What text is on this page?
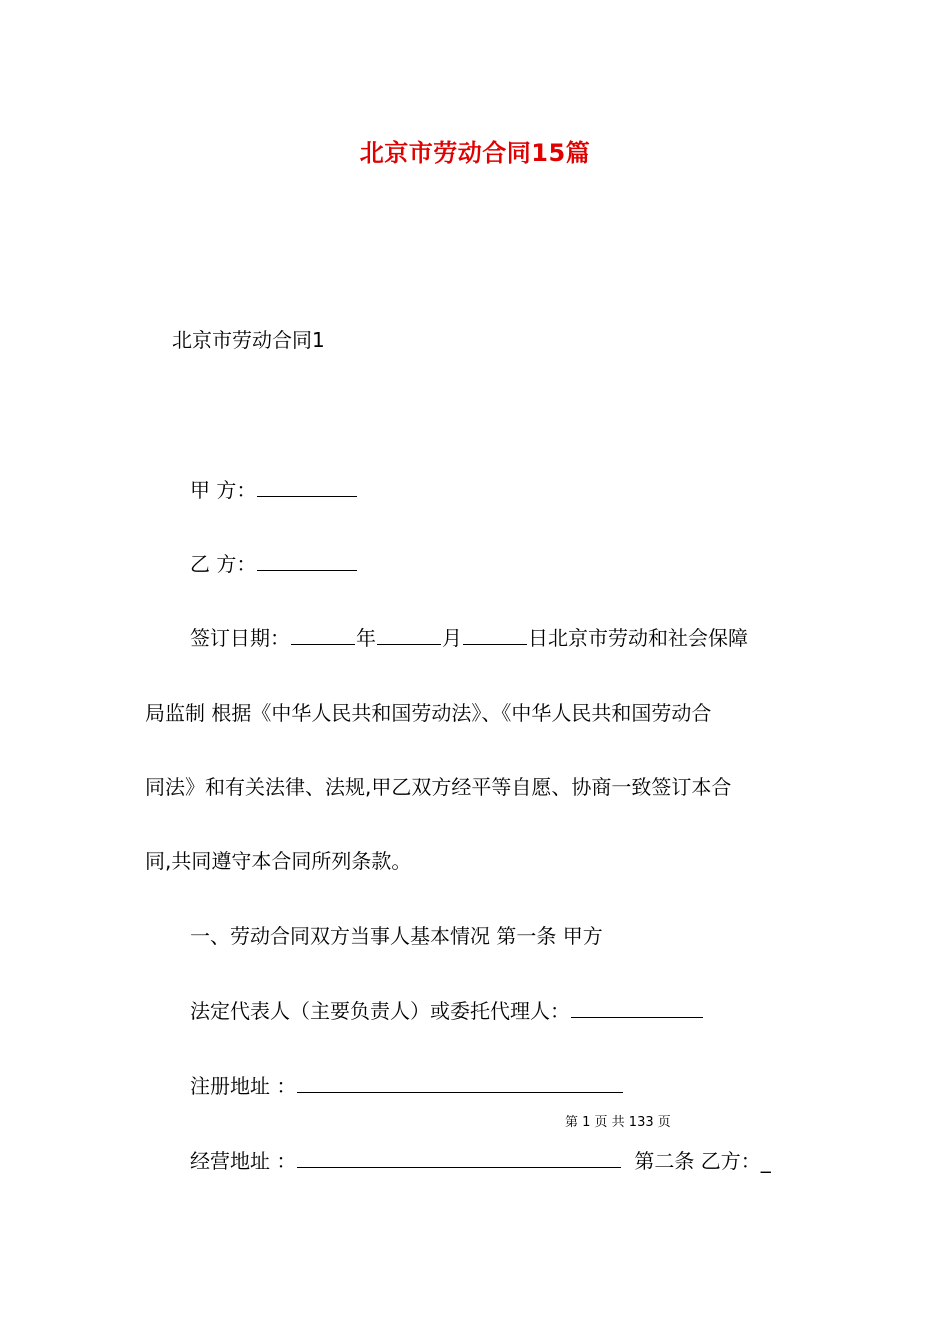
北京市劳动合同15篇
北京市劳动合同1
甲 方：
乙 方：
签订日期：	年	月	日北京市劳动和社会保障
局监制 根据《中华人民共和国劳动法》、《中华人民共和国劳动合
同法》和有关法律、法规,甲乙双方经平等自愿、协商一致签订本合
同,共同遵守本合同所列条款。
一、劳动合同双方当事人基本情况 第一条 甲方
法定代表人（主要负责人）或委托代理人：
注册地址 ：
第 1 页 共 133 页
经营地址 ：	第二条 乙方：_
